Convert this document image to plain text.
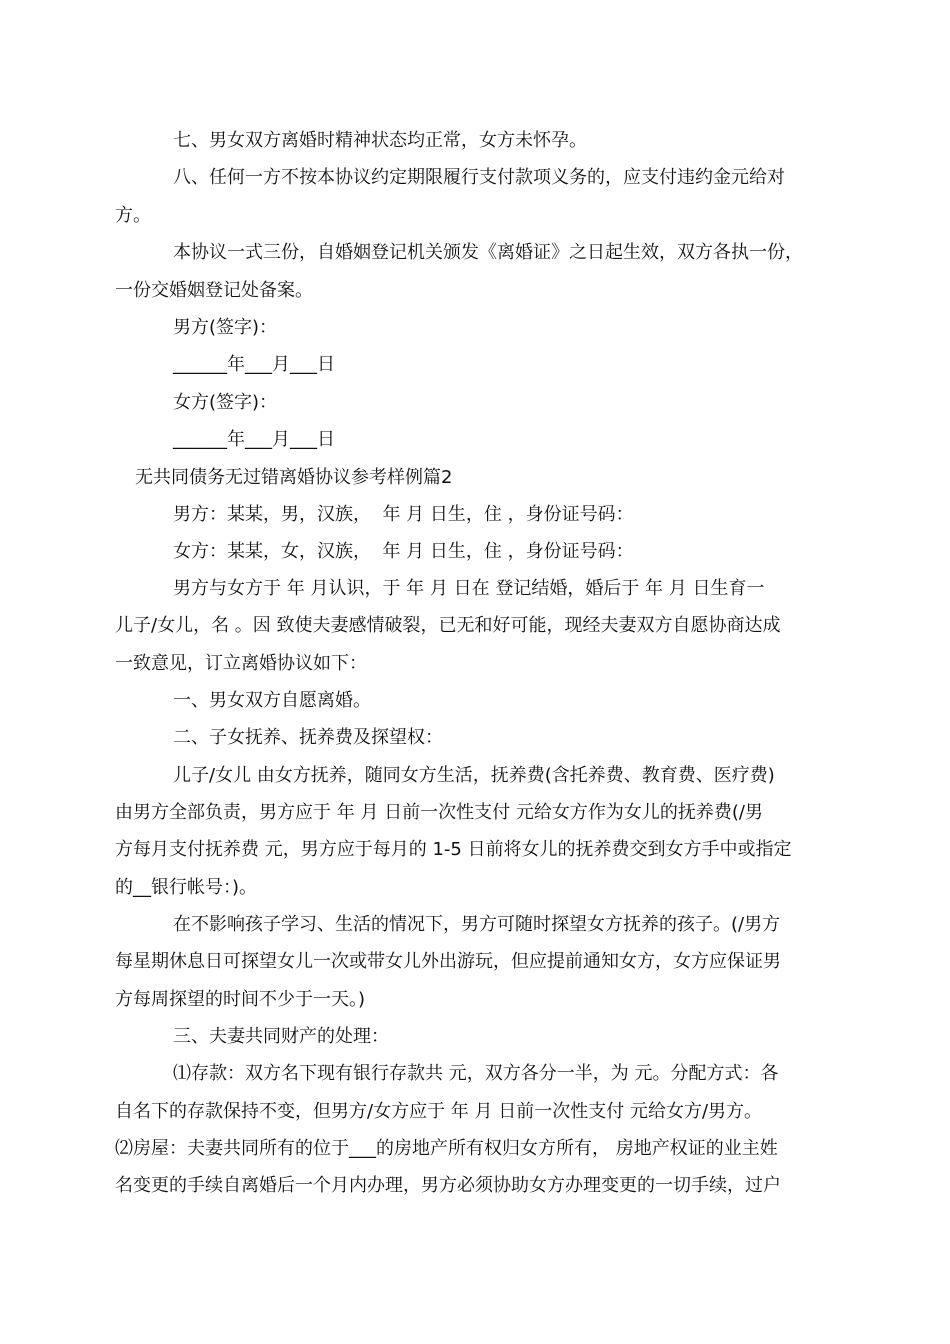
七、男女双方离婚时精神状态均正常，女方未怀孕。
八、任何一方不按本协议约定期限履行支付款项义务的，应支付违约金元给对
方。
本协议一式三份，自婚姻登记机关颁发《离婚证》之日起生效，双方各执一份，
一份交婚姻登记处备案。
男方(签字)：
______年___月___日
女方(签字)：
______年___月___日
无共同债务无过错离婚协议参考样例篇2
男方：某某，男，汉族，  年 月 日生，住 ，身份证号码：
女方：某某，女，汉族，  年 月 日生，住 ，身份证号码：
男方与女方于 年 月认识，于 年 月 日在 登记结婚，婚后于 年 月 日生育一
儿子/女儿，名 。因 致使夫妻感情破裂，已无和好可能，现经夫妻双方自愿协商达成
一致意见，订立离婚协议如下：
一、男女双方自愿离婚。
二、子女抚养、抚养费及探望权：
儿子/女儿 由女方抚养，随同女方生活，抚养费(含托养费、教育费、医疗费)
由男方全部负责，男方应于 年 月 日前一次性支付 元给女方作为女儿的抚养费(/男
方每月支付抚养费 元，男方应于每月的 1-5 日前将女儿的抚养费交到女方手中或指定
的__银行帐号：)。
在不影响孩子学习、生活的情况下，男方可随时探望女方抚养的孩子。(/男方
每星期休息日可探望女儿一次或带女儿外出游玩，但应提前通知女方，女方应保证男
方每周探望的时间不少于一天。)
三、夫妻共同财产的处理：
⑴存款：双方名下现有银行存款共 元，双方各分一半，为 元。分配方式：各
自名下的存款保持不变，但男方/女方应于 年 月 日前一次性支付 元给女方/男方。
⑵房屋：夫妻共同所有的位于___的房地产所有权归女方所有， 房地产权证的业主姓
名变更的手续自离婚后一个月内办理，男方必须协助女方办理变更的一切手续，过户
